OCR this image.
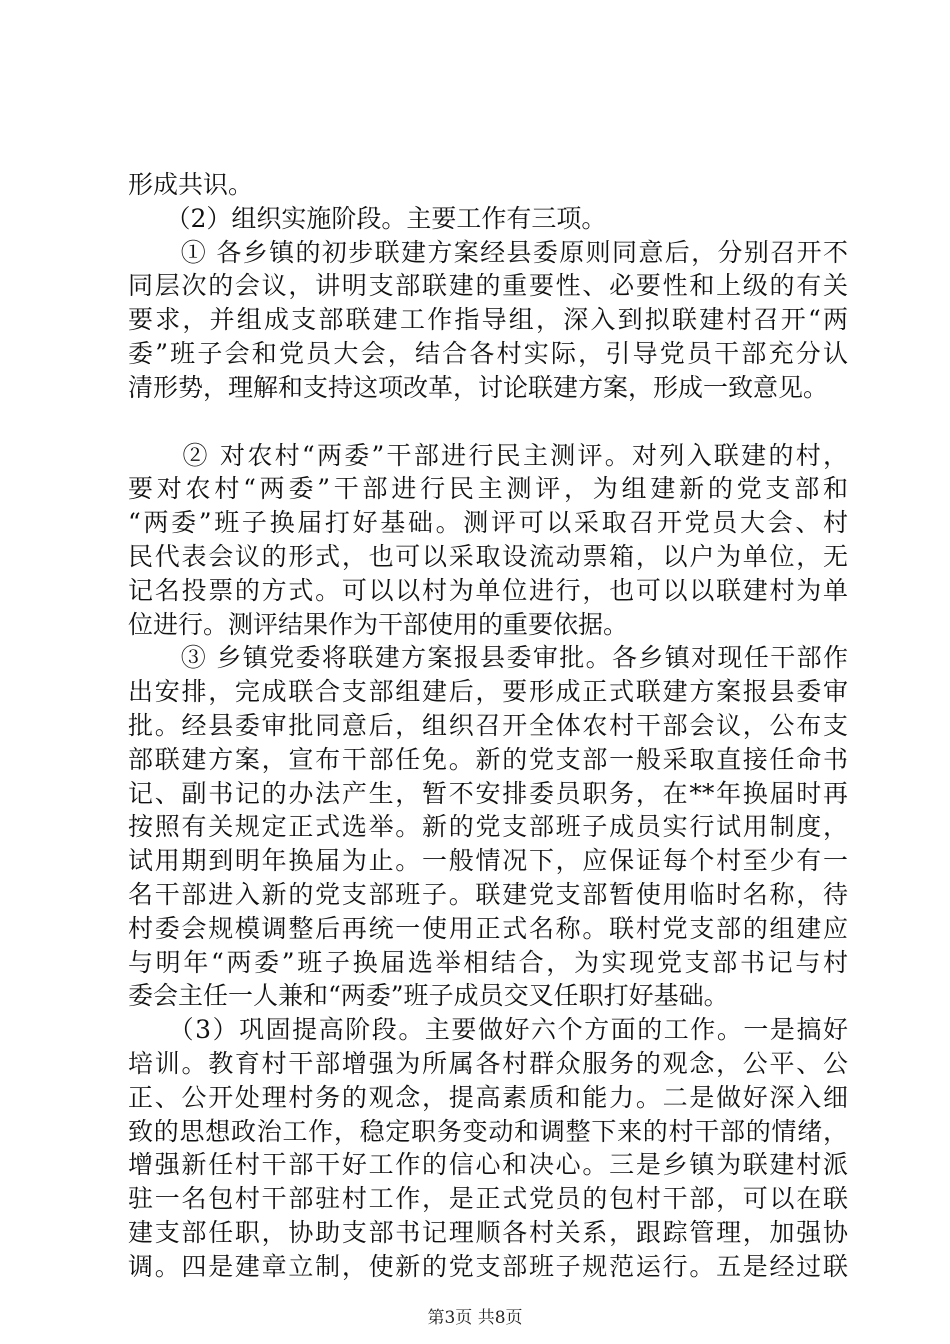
形成共识。
　　（2）组织实施阶段。主要工作有三项。
　　① 各乡镇的初步联建方案经县委原则同意后，分别召开不
同层次的会议，讲明支部联建的重要性、必要性和上级的有关
要求，并组成支部联建工作指导组，深入到拟联建村召开“两
委”班子会和党员大会，结合各村实际，引导党员干部充分认
清形势，理解和支持这项改革，讨论联建方案，形成一致意见。
　　② 对农村“两委”干部进行民主测评。对列入联建的村，
要对农村“两委”干部进行民主测评，为组建新的党支部和
“两委”班子换届打好基础。测评可以采取召开党员大会、村
民代表会议的形式，也可以采取设流动票箱，以户为单位，无
记名投票的方式。可以以村为单位进行，也可以以联建村为单
位进行。测评结果作为干部使用的重要依据。
　　③ 乡镇党委将联建方案报县委审批。各乡镇对现任干部作
出安排，完成联合支部组建后，要形成正式联建方案报县委审
批。经县委审批同意后，组织召开全体农村干部会议，公布支
部联建方案，宣布干部任免。新的党支部一般采取直接任命书
记、副书记的办法产生，暂不安排委员职务，在**年换届时再
按照有关规定正式选举。新的党支部班子成员实行试用制度，
试用期到明年换届为止。一般情况下，应保证每个村至少有一
名干部进入新的党支部班子。联建党支部暂使用临时名称，待
村委会规模调整后再统一使用正式名称。联村党支部的组建应
与明年“两委”班子换届选举相结合，为实现党支部书记与村
委会主任一人兼和“两委”班子成员交叉任职打好基础。
　　（3）巩固提高阶段。主要做好六个方面的工作。一是搞好
培训。教育村干部增强为所属各村群众服务的观念，公平、公
正、公开处理村务的观念，提高素质和能力。二是做好深入细
致的思想政治工作，稳定职务变动和调整下来的村干部的情绪，
增强新任村干部干好工作的信心和决心。三是乡镇为联建村派
驻一名包村干部驻村工作，是正式党员的包村干部，可以在联
建支部任职，协助支部书记理顺各村关系，跟踪管理，加强协
调。四是建章立制，使新的党支部班子规范运行。五是经过联
第3页 共8页
